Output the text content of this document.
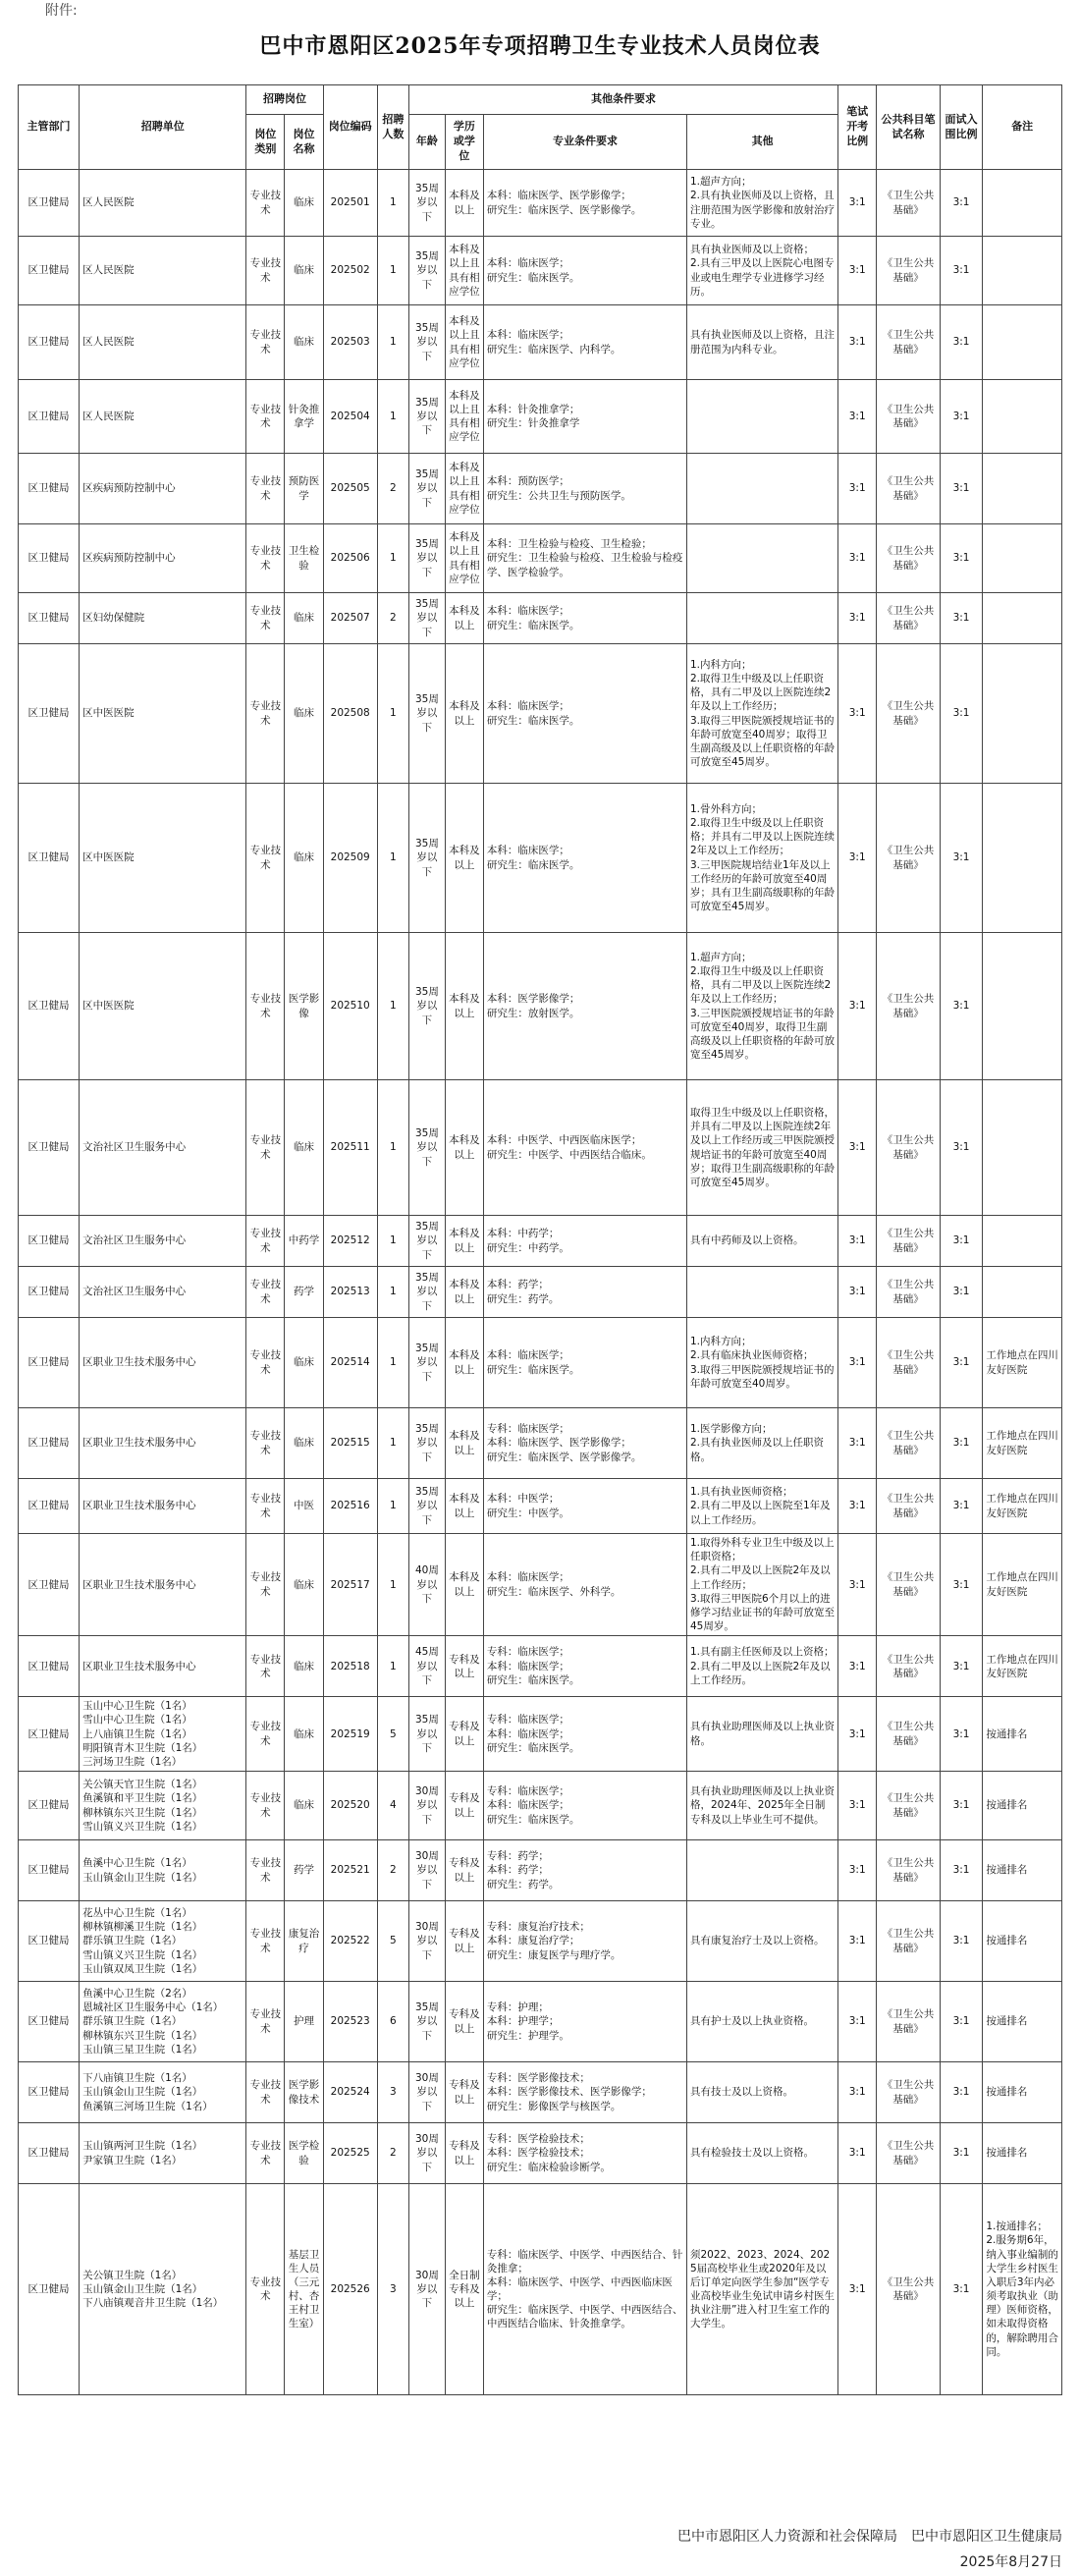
附件:
巴中市恩阳区2025年专项招聘卫生专业技术人员岗位表
主管部门	招聘单位	招聘岗位		岗位编码	招聘人数	其他条件要求				笔试开考比例	公共科目笔试名称	面试入围比例	备注
		岗位类别	岗位名称			年龄	学历或学位	专业条件要求	其他				
区卫健局	区人民医院	专业技术	临床	202501	1	35周岁以下	本科及以上	本科：临床医学、医学影像学；
研究生：临床医学、医学影像学。	1.超声方向；
2.具有执业医师及以上资格，且注册范围为医学影像和放射治疗专业。	3:1	《卫生公共基础》	3:1	
区卫健局	区人民医院	专业技术	临床	202502	1	35周岁以下	本科及以上且具有相应学位	本科：临床医学；
研究生：临床医学。	具有执业医师及以上资格；
2.具有三甲及以上医院心电图专业或电生理学专业进修学习经历。	3:1	《卫生公共基础》	3:1	
区卫健局	区人民医院	专业技术	临床	202503	1	35周岁以下	本科及以上且具有相应学位	本科：临床医学；
研究生：临床医学、内科学。	具有执业医师及以上资格，且注册范围为内科专业。	3:1	《卫生公共基础》	3:1	
区卫健局	区人民医院	专业技术	针灸推拿学	202504	1	35周岁以下	本科及以上且具有相应学位	本科：针灸推拿学；
研究生：针灸推拿学		3:1	《卫生公共基础》	3:1	
区卫健局	区疾病预防控制中心	专业技术	预防医学	202505	2	35周岁以下	本科及以上且具有相应学位	本科：预防医学；
研究生：公共卫生与预防医学。		3:1	《卫生公共基础》	3:1	
区卫健局	区疾病预防控制中心	专业技术	卫生检验	202506	1	35周岁以下	本科及以上且具有相应学位	本科：卫生检验与检疫、卫生检验；
研究生：卫生检验与检疫、卫生检验与检疫学、医学检验学。		3:1	《卫生公共基础》	3:1	
区卫健局	区妇幼保健院	专业技术	临床	202507	2	35周岁以下	本科及以上	本科：临床医学；
研究生：临床医学。		3:1	《卫生公共基础》	3:1	
区卫健局	区中医医院	专业技术	临床	202508	1	35周岁以下	本科及以上	本科：临床医学；
研究生：临床医学。	1.内科方向；
2.取得卫生中级及以上任职资格，具有二甲及以上医院连续2年及以上工作经历；
3.取得三甲医院颁授规培证书的年龄可放宽至40周岁；取得卫生副高级及以上任职资格的年龄可放宽至45周岁。	3:1	《卫生公共基础》	3:1	
区卫健局	区中医医院	专业技术	临床	202509	1	35周岁以下	本科及以上	本科：临床医学；
研究生：临床医学。	1.骨外科方向；
2.取得卫生中级及以上任职资格；并具有二甲及以上医院连续2年及以上工作经历；
3.三甲医院规培结业1年及以上工作经历的年龄可放宽至40周岁；具有卫生副高级职称的年龄可放宽至45周岁。	3:1	《卫生公共基础》	3:1	
区卫健局	区中医医院	专业技术	医学影像	202510	1	35周岁以下	本科及以上	本科：医学影像学；
研究生：放射医学。	1.超声方向；
2.取得卫生中级及以上任职资格，具有二甲及以上医院连续2年及以上工作经历；
3.三甲医院颁授规培证书的年龄可放宽至40周岁，取得卫生副高级及以上任职资格的年龄可放宽至45周岁。	3:1	《卫生公共基础》	3:1	
区卫健局	文治社区卫生服务中心	专业技术	临床	202511	1	35周岁以下	本科及以上	本科：中医学、中西医临床医学；
研究生：中医学、中西医结合临床。	取得卫生中级及以上任职资格，并具有二甲及以上医院连续2年及以上工作经历或三甲医院颁授规培证书的年龄可放宽至40周岁；取得卫生副高级职称的年龄可放宽至45周岁。	3:1	《卫生公共基础》	3:1	
区卫健局	文治社区卫生服务中心	专业技术	中药学	202512	1	35周岁以下	本科及以上	本科：中药学；
研究生：中药学。	具有中药师及以上资格。	3:1	《卫生公共基础》	3:1	
区卫健局	文治社区卫生服务中心	专业技术	药学	202513	1	35周岁以下	本科及以上	本科：药学；
研究生：药学。		3:1	《卫生公共基础》	3:1	
区卫健局	区职业卫生技术服务中心	专业技术	临床	202514	1	35周岁以下	本科及以上	本科：临床医学；
研究生：临床医学。	1.内科方向；
2.具有临床执业医师资格；
3.取得三甲医院颁授规培证书的年龄可放宽至40周岁。	3:1	《卫生公共基础》	3:1	工作地点在四川友好医院
区卫健局	区职业卫生技术服务中心	专业技术	临床	202515	1	35周岁以下	本科及以上	专科：临床医学；
本科：临床医学、医学影像学；
研究生：临床医学、医学影像学。	1.医学影像方向；
2.具有执业医师及以上任职资格。	3:1	《卫生公共基础》	3:1	工作地点在四川友好医院
区卫健局	区职业卫生技术服务中心	专业技术	中医	202516	1	35周岁以下	本科及以上	本科：中医学；
研究生：中医学。	1.具有执业医师资格；
2.具有二甲及以上医院至1年及以上工作经历。	3:1	《卫生公共基础》	3:1	工作地点在四川友好医院
区卫健局	区职业卫生技术服务中心	专业技术	临床	202517	1	40周岁以下	本科及以上	本科：临床医学；
研究生：临床医学、外科学。	1.取得外科专业卫生中级及以上任职资格；
2.具有二甲及以上医院2年及以上工作经历；
3.取得三甲医院6个月以上的进修学习结业证书的年龄可放宽至45周岁。	3:1	《卫生公共基础》	3:1	工作地点在四川友好医院
区卫健局	区职业卫生技术服务中心	专业技术	临床	202518	1	45周岁以下	专科及以上	专科：临床医学；
本科：临床医学；
研究生：临床医学。	1.具有副主任医师及以上资格；
2.具有二甲及以上医院2年及以上工作经历。	3:1	《卫生公共基础》	3:1	工作地点在四川友好医院
区卫健局	玉山中心卫生院（1名）
雪山中心卫生院（1名）
上八庙镇卫生院（1名）
明阳镇青木卫生院（1名）
三河场卫生院（1名）	专业技术	临床	202519	5	35周岁以下	专科及以上	专科：临床医学；
本科：临床医学；
研究生：临床医学。	具有执业助理医师及以上执业资格。	3:1	《卫生公共基础》	3:1	按通排名
区卫健局	关公镇天官卫生院（1名）
鱼溪镇和平卫生院（1名）
柳林镇东兴卫生院（1名）
雪山镇义兴卫生院（1名）	专业技术	临床	202520	4	30周岁以下	专科及以上	专科：临床医学；
本科：临床医学；
研究生：临床医学。	具有执业助理医师及以上执业资格，2024年、2025年全日制专科及以上毕业生可不提供。	3:1	《卫生公共基础》	3:1	按通排名
区卫健局	鱼溪中心卫生院（1名）
玉山镇金山卫生院（1名）	专业技术	药学	202521	2	30周岁以下	专科及以上	专科：药学；
本科：药学；
研究生：药学。		3:1	《卫生公共基础》	3:1	按通排名
区卫健局	花丛中心卫生院（1名）
柳林镇柳溪卫生院（1名）
群乐镇卫生院（1名）
雪山镇义兴卫生院（1名）
玉山镇双凤卫生院（1名）	专业技术	康复治疗	202522	5	30周岁以下	专科及以上	专科：康复治疗技术；
本科：康复治疗学；
研究生：康复医学与理疗学。	具有康复治疗士及以上资格。	3:1	《卫生公共基础》	3:1	按通排名
区卫健局	鱼溪中心卫生院（2名）
恩城社区卫生服务中心（1名）
群乐镇卫生院（1名）
柳林镇东兴卫生院（1名）
玉山镇三星卫生院（1名）	专业技术	护理	202523	6	35周岁以下	专科及以上	专科：护理；
本科：护理学；
研究生：护理学。	具有护士及以上执业资格。	3:1	《卫生公共基础》	3:1	按通排名
区卫健局	下八庙镇卫生院（1名）
玉山镇金山卫生院（1名）
鱼溪镇三河场卫生院（1名）	专业技术	医学影像技术	202524	3	30周岁以下	专科及以上	专科：医学影像技术；
本科：医学影像技术、医学影像学；
研究生：影像医学与核医学。	具有技士及以上资格。	3:1	《卫生公共基础》	3:1	按通排名
区卫健局	玉山镇两河卫生院（1名）
尹家镇卫生院（1名）	专业技术	医学检验	202525	2	30周岁以下	专科及以上	专科：医学检验技术；
本科：医学检验技术；
研究生：临床检验诊断学。	具有检验技士及以上资格。	3:1	《卫生公共基础》	3:1	按通排名
区卫健局	关公镇卫生院（1名）
玉山镇金山卫生院（1名）
下八庙镇观音井卫生院（1名）	专业技术	基层卫生人员（三元村、杏王村卫生室）	202526	3	30周岁以下	全日制专科及以上	专科：临床医学、中医学、中西医结合、针灸推拿；
本科：临床医学、中医学、中西医临床医学；
研究生：临床医学、中医学、中西医结合、中西医结合临床、针灸推拿学。	须2022、2023、2024、2025届高校毕业生或2020年及以后订单定向医学生参加“医学专业高校毕业生免试申请乡村医生执业注册”进入村卫生室工作的大学生。	3:1	《卫生公共基础》	3:1	1.按通排名；
2.服务期6年，纳入事业编制的大学生乡村医生入职后3年内必须考取执业（助理）医师资格，如未取得资格的，解除聘用合同。
巴中市恩阳区人力资源和社会保障局　巴中市恩阳区卫生健康局
2025年8月27日
